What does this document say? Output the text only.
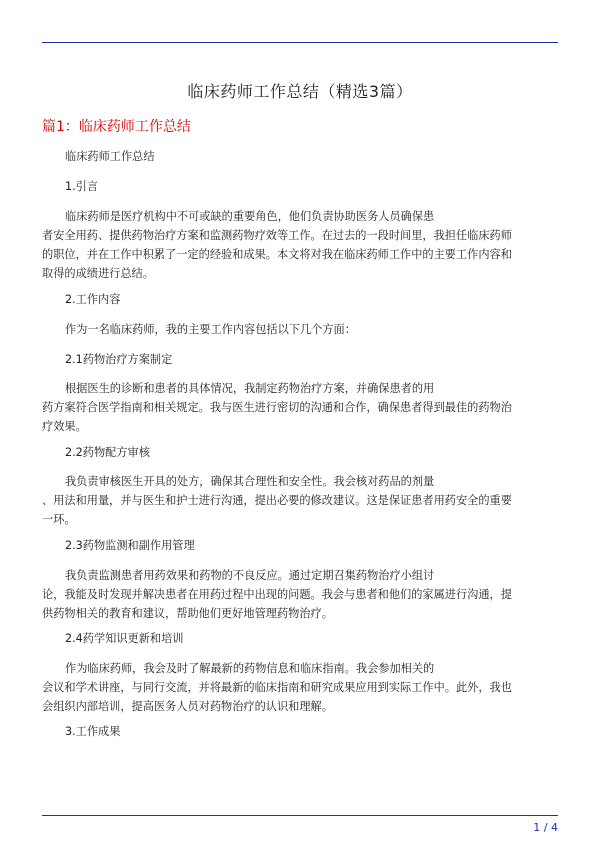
临床药师工作总结（精选3篇）
篇1：临床药师工作总结
临床药师工作总结
1.引言
临床药师是医疗机构中不可或缺的重要角色，他们负责协助医务人员确保患
者安全用药、提供药物治疗方案和监测药物疗效等工作。在过去的一段时间里，我担任临床药师
的职位，并在工作中积累了一定的经验和成果。本文将对我在临床药师工作中的主要工作内容和
取得的成绩进行总结。
2.工作内容
作为一名临床药师，我的主要工作内容包括以下几个方面：
2.1药物治疗方案制定
根据医生的诊断和患者的具体情况，我制定药物治疗方案，并确保患者的用
药方案符合医学指南和相关规定。我与医生进行密切的沟通和合作，确保患者得到最佳的药物治
疗效果。
2.2药物配方审核
我负责审核医生开具的处方，确保其合理性和安全性。我会核对药品的剂量
、用法和用量，并与医生和护士进行沟通，提出必要的修改建议。这是保证患者用药安全的重要
一环。
2.3药物监测和副作用管理
我负责监测患者用药效果和药物的不良反应。通过定期召集药物治疗小组讨
论，我能及时发现并解决患者在用药过程中出现的问题。我会与患者和他们的家属进行沟通，提
供药物相关的教育和建议，帮助他们更好地管理药物治疗。
2.4药学知识更新和培训
作为临床药师，我会及时了解最新的药物信息和临床指南。我会参加相关的
会议和学术讲座，与同行交流，并将最新的临床指南和研究成果应用到实际工作中。此外，我也
会组织内部培训，提高医务人员对药物治疗的认识和理解。
3.工作成果
1 / 4
